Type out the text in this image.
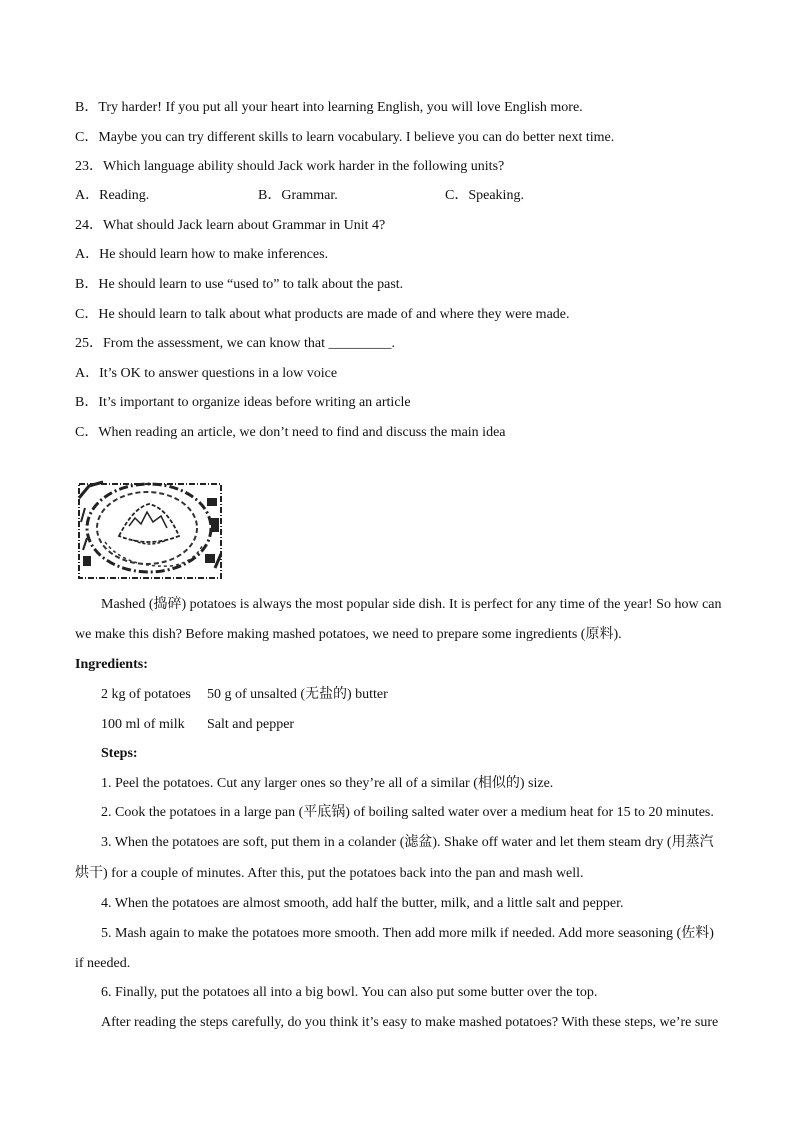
B．Try harder! If you put all your heart into learning English, you will love English more.
C．Maybe you can try different skills to learn vocabulary. I believe you can do better next time.
23．Which language ability should Jack work harder in the following units?
A．Reading.	B．Grammar.	C．Speaking.
24．What should Jack learn about Grammar in Unit 4?
A．He should learn how to make inferences.
B．He should learn to use “used to” to talk about the past.
C．He should learn to talk about what products are made of and where they were made.
25．From the assessment, we can know that _________.
A．It’s OK to answer questions in a low voice
B．It’s important to organize ideas before writing an article
C．When reading an article, we don’t need to find and discuss the main idea
Mashed (捣碎) potatoes is always the most popular side dish. It is perfect for any time of the year! So how can
we make this dish? Before making mashed potatoes, we need to prepare some ingredients (原料).
Ingredients:
2 kg of potatoes 50 g of unsalted (无盐的) butter
100 ml of milk Salt and pepper
Steps:
1. Peel the potatoes. Cut any larger ones so they’re all of a similar (相似的) size.
2. Cook the potatoes in a large pan (平底锅) of boiling salted water over a medium heat for 15 to 20 minutes.
3. When the potatoes are soft, put them in a colander (滤盆). Shake off water and let them steam dry (用蒸汽
烘干) for a couple of minutes. After this, put the potatoes back into the pan and mash well.
4. When the potatoes are almost smooth, add half the butter, milk, and a little salt and pepper.
5. Mash again to make the potatoes more smooth. Then add more milk if needed. Add more seasoning (佐料)
if needed.
6. Finally, put the potatoes all into a big bowl. You can also put some butter over the top.
After reading the steps carefully, do you think it’s easy to make mashed potatoes? With these steps, we’re sure
